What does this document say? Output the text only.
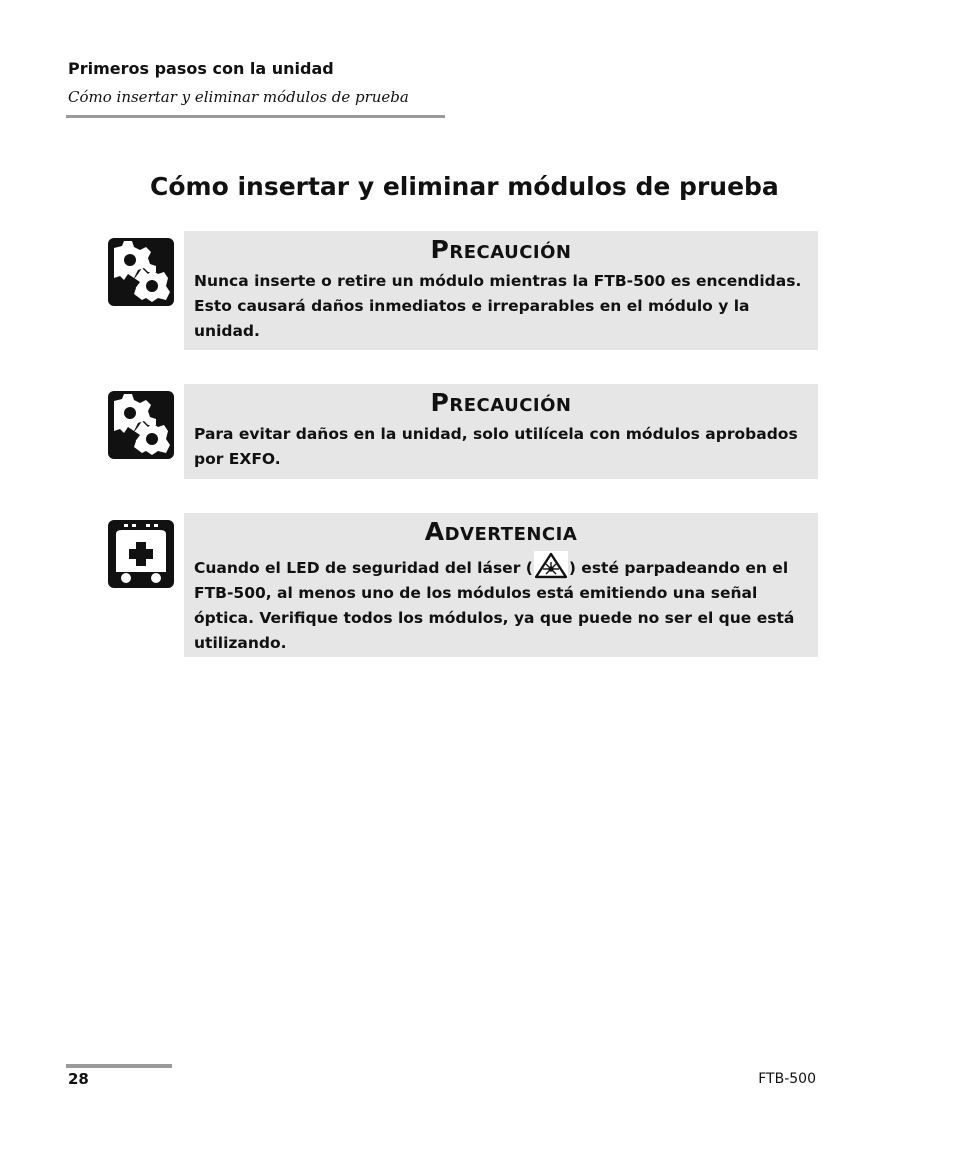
Primeros pasos con la unidad
Cómo insertar y eliminar módulos de prueba
Cómo insertar y eliminar módulos de prueba
Precaución

Nunca inserte o retire un módulo mientras la FTB-500 es encendidas. Esto causará daños inmediatos e irreparables en el módulo y la unidad.

Precaución

Para evitar daños en la unidad, solo utilícela con módulos aprobados por EXFO.

Advertencia

Cuando el LED de seguridad del láser ( ) esté parpadeando en el FTB-500, al menos uno de los módulos está emitiendo una señal óptica. Verifique todos los módulos, ya que puede no ser el que está utilizando.

28	FTB-500
